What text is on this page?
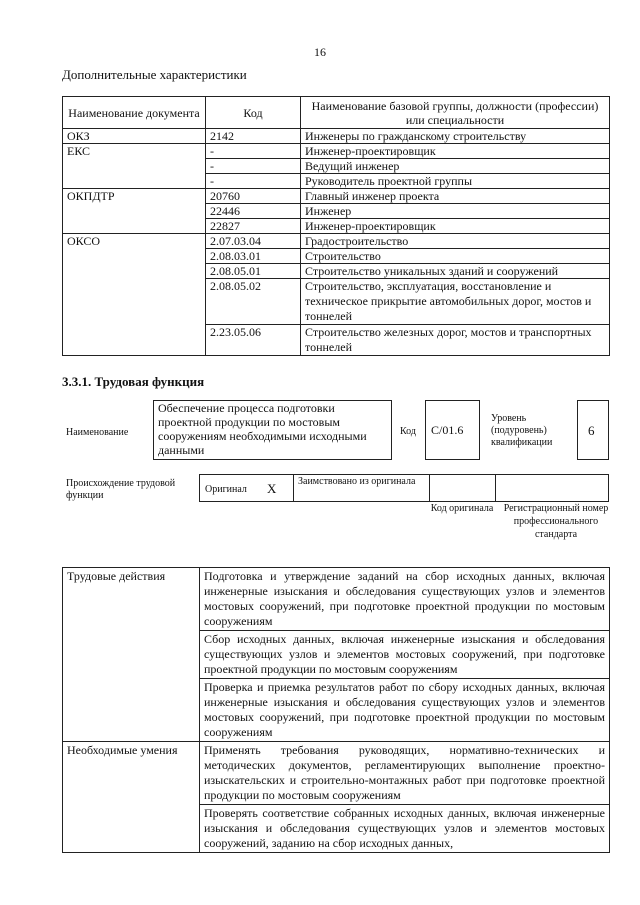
16
Дополнительные характеристики
Наименование документа	Код	Наименование базовой группы, должности (профессии) или специальности
ОКЗ	2142	Инженеры по гражданскому строительству
ЕКС	-	Инженер-проектировщик
	-	Ведущий инженер
	-	Руководитель проектной группы
ОКПДТР	20760	Главный инженер проекта
	22446	Инженер
	22827	Инженер-проектировщик
ОКСО	2.07.03.04	Градостроительство
	2.08.03.01	Строительство
	2.08.05.01	Строительство уникальных зданий и сооружений
	2.08.05.02	Строительство, эксплуатация, восстановление и техническое прикрытие автомобильных дорог, мостов и тоннелей
	2.23.05.06	Строительство железных дорог, мостов и транспортных тоннелей
3.3.1. Трудовая функция
Наименование
Обеспечение процесса подготовки проектной продукции по мостовым сооружениям необходимыми исходными данными
Код	C/01.6
Уровень (подуровень) квалификации
6
Происхождение трудовой функции
Оригинал X Заимствовано из оригинала
Код оригинала	Регистрационный номер профессионального стандарта
Трудовые действия	Подготовка и утверждение заданий на сбор исходных данных, включая инженерные изыскания и обследования существующих узлов и элементов мостовых сооружений, при подготовке проектной продукции по мостовым сооружениям
	Сбор исходных данных, включая инженерные изыскания и обследования существующих узлов и элементов мостовых сооружений, при подготовке проектной продукции по мостовым сооружениям
	Проверка и приемка результатов работ по сбору исходных данных, включая инженерные изыскания и обследования существующих узлов и элементов мостовых сооружений, при подготовке проектной продукции по мостовым сооружениям
Необходимые умения	Применять требования руководящих, нормативно-технических и методических документов, регламентирующих выполнение проектно-изыскательских и строительно-монтажных работ при подготовке проектной продукции по мостовым сооружениям
	Проверять соответствие собранных исходных данных, включая инженерные изыскания и обследования существующих узлов и элементов мостовых сооружений, заданию на сбор исходных данных,
